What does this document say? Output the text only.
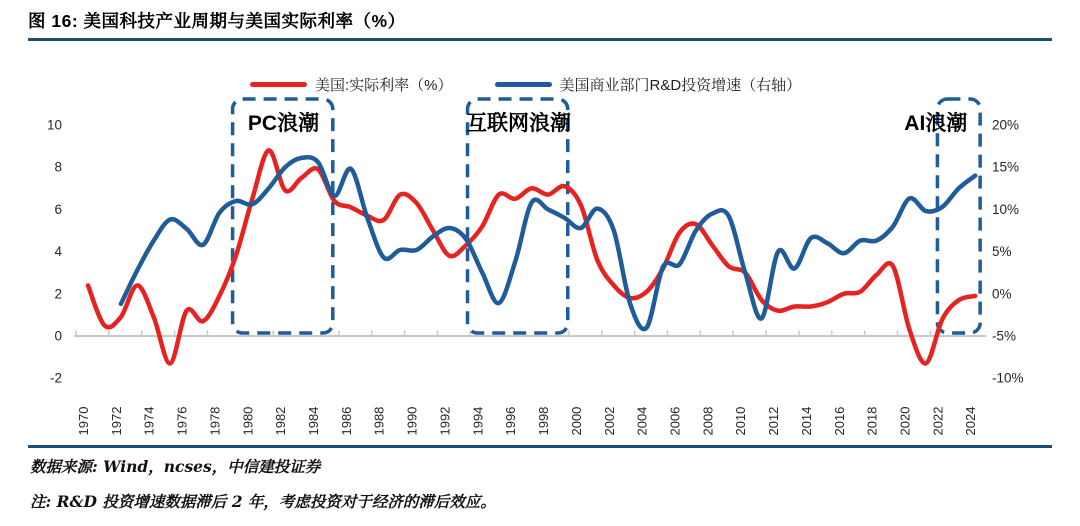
图 16: 美国科技产业周期与美国实际利率（%）
1970 1972 1974 1976 1978 1980 1982 1984 1986 1988 1990 1992 1994 1996 1998 2000 2002 2004 2006 2008 2010 2012 2014 2016 2018 2020 2022 2024
10
8
6
4
2
0
-2
20%
15%
10%
5%
0%
-5%
-10%
PC浪潮	互联网浪潮	AI浪潮
美国:实际利率（%）	美国商业部门R&D投资增速（右轴）
数据来源: Wind，ncses，中信建投证券
注: R&D 投资增速数据滞后 2 年，考虑投资对于经济的滞后效应。
